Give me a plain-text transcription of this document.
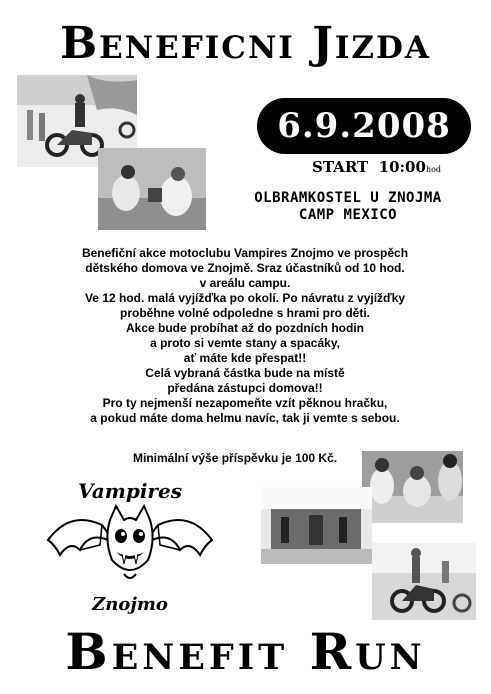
Beneficni Jizda
6.9.2008
START 10:00hod
OLBRAMKOSTEL U ZNOJMA
CAMP MEXICO
Benefiční akce motoclubu Vampires Znojmo ve prospěch
dětského domova ve Znojmě. Sraz účastníků od 10 hod.
v areálu campu.
Ve 12 hod. malá vyjížďka po okolí. Po návratu z vyjížďky
proběhne volné odpoledne s hrami pro děti.
Akce bude probíhat až do pozdních hodin
a proto si vemte stany a spacáky,
ať máte kde přespat!!
Celá vybraná částka bude na místě
předána zástupci domova!!
Pro ty nejmenší nezapomeňte vzít pěknou hračku,
a pokud máte doma helmu navíc, tak ji vemte s sebou.
Minimální výše příspěvku je 100 Kč.
Vampires
Znojmo
Benefit Run
